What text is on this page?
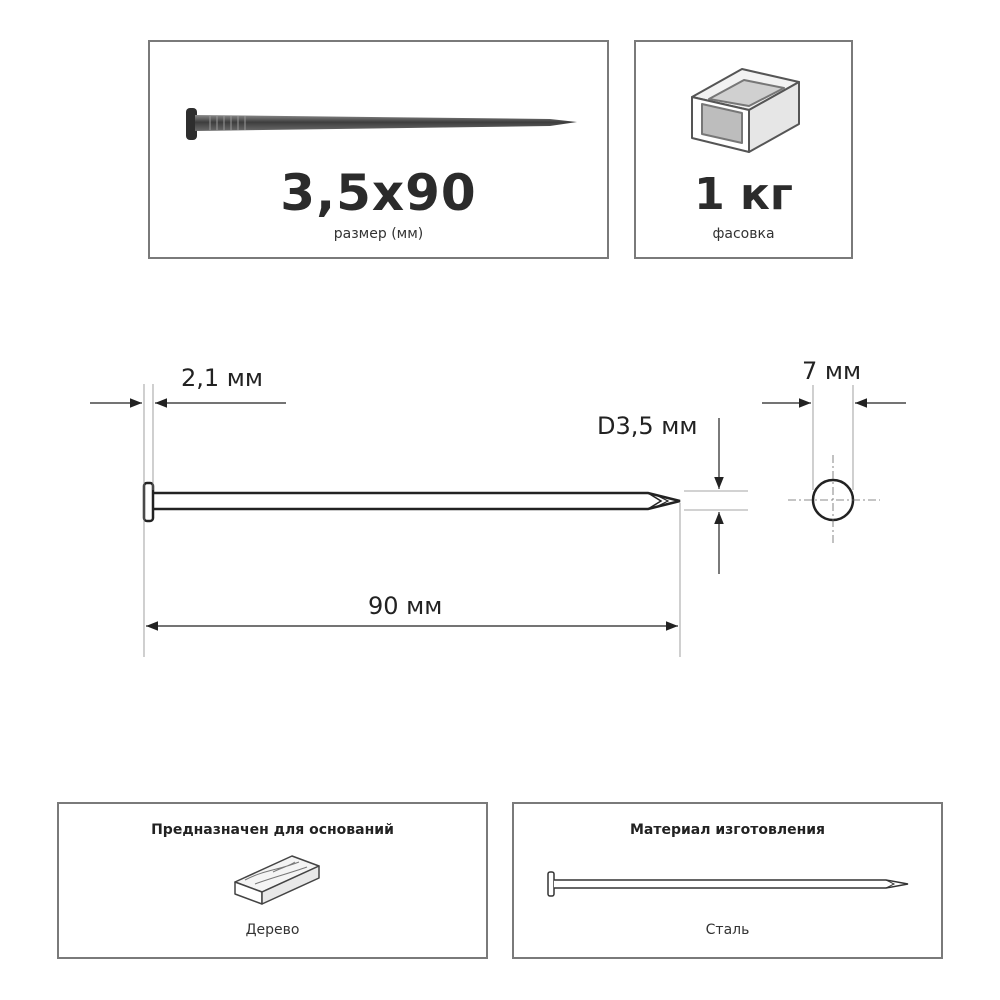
3,5x90
размер (мм)
1 кг
фасовка
2,1 мм
D3,5 мм
90 мм
7 мм
Предназначен для оснований
Дерево
Материал изготовления
Сталь
